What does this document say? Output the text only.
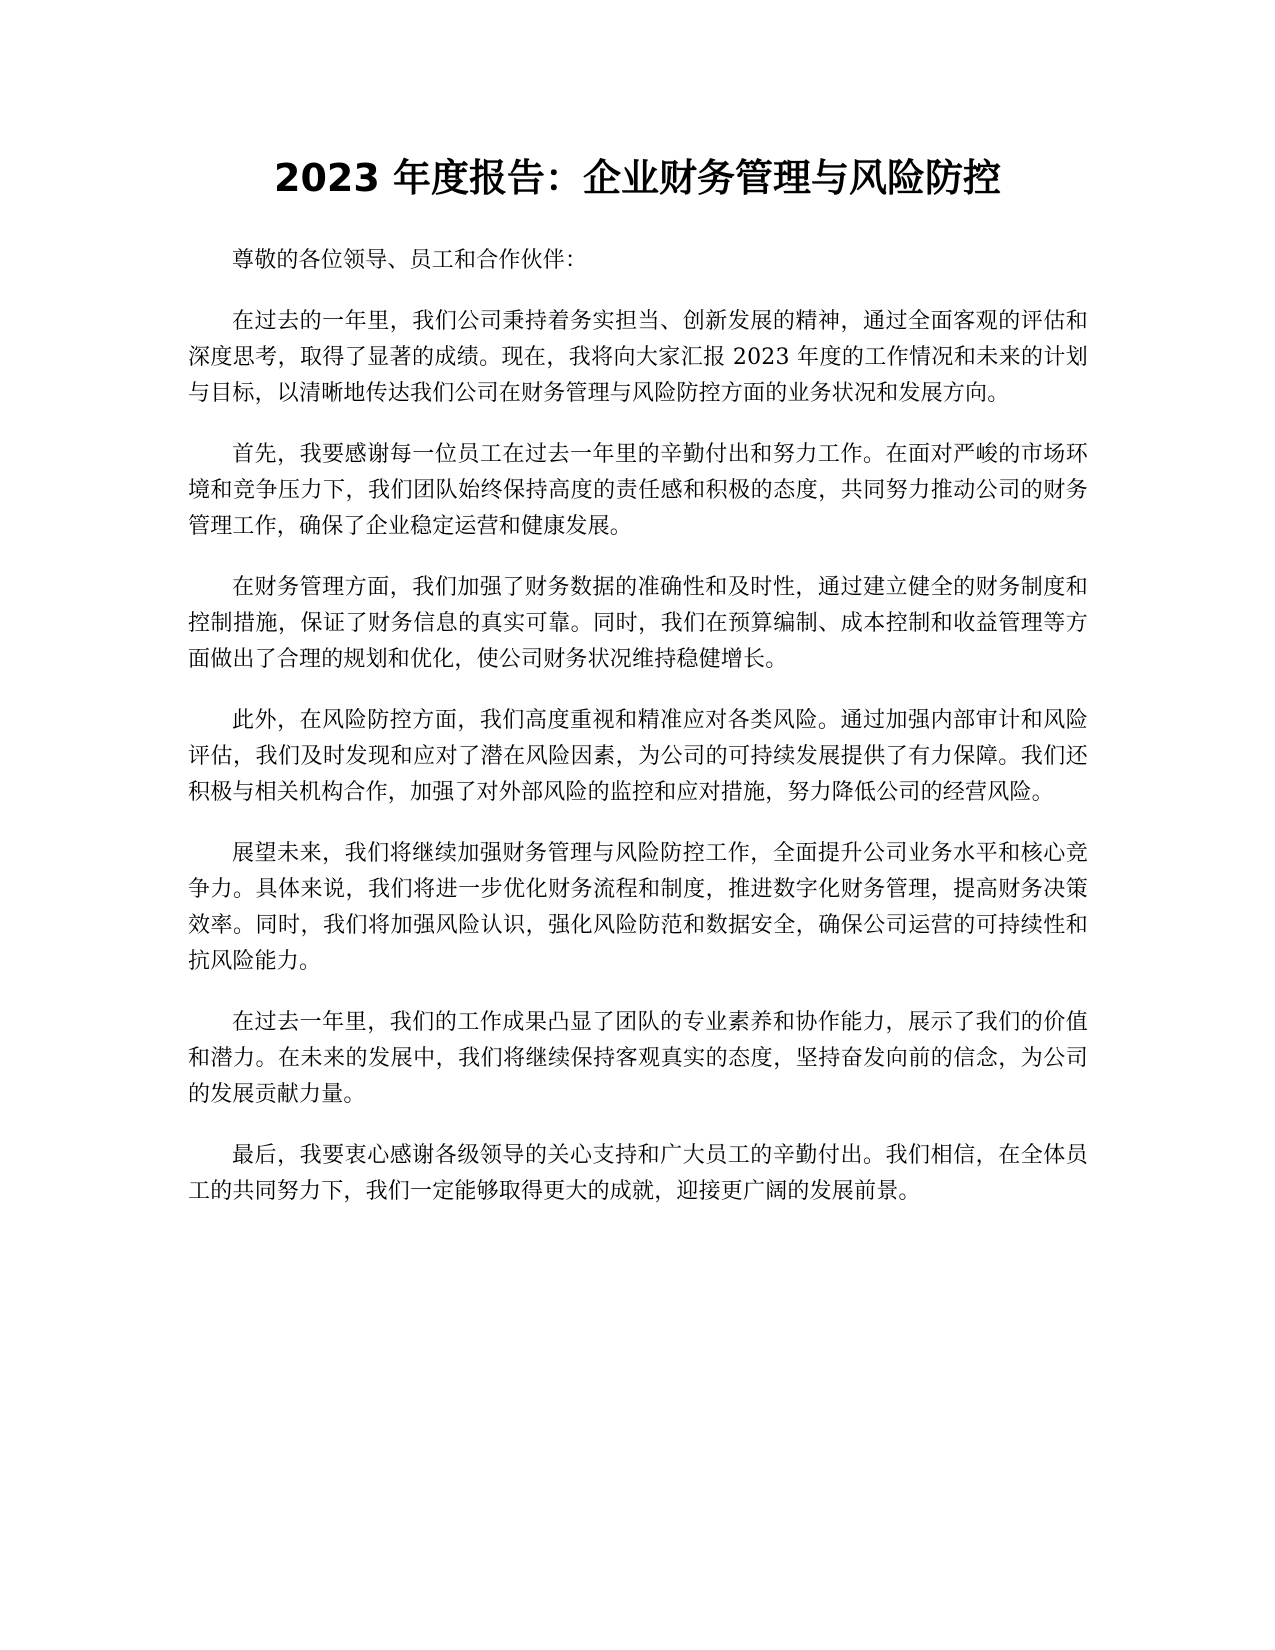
2023 年度报告：企业财务管理与风险防控

尊敬的各位领导、员工和合作伙伴：

在过去的一年里，我们公司秉持着务实担当、创新发展的精神，通过全面客观的评估和深度思考，取得了显著的成绩。现在，我将向大家汇报 2023 年度的工作情况和未来的计划与目标，以清晰地传达我们公司在财务管理与风险防控方面的业务状况和发展方向。

首先，我要感谢每一位员工在过去一年里的辛勤付出和努力工作。在面对严峻的市场环境和竞争压力下，我们团队始终保持高度的责任感和积极的态度，共同努力推动公司的财务管理工作，确保了企业稳定运营和健康发展。

在财务管理方面，我们加强了财务数据的准确性和及时性，通过建立健全的财务制度和控制措施，保证了财务信息的真实可靠。同时，我们在预算编制、成本控制和收益管理等方面做出了合理的规划和优化，使公司财务状况维持稳健增长。

此外，在风险防控方面，我们高度重视和精准应对各类风险。通过加强内部审计和风险评估，我们及时发现和应对了潜在风险因素，为公司的可持续发展提供了有力保障。我们还积极与相关机构合作，加强了对外部风险的监控和应对措施，努力降低公司的经营风险。

展望未来，我们将继续加强财务管理与风险防控工作，全面提升公司业务水平和核心竞争力。具体来说，我们将进一步优化财务流程和制度，推进数字化财务管理，提高财务决策效率。同时，我们将加强风险认识，强化风险防范和数据安全，确保公司运营的可持续性和抗风险能力。

在过去一年里，我们的工作成果凸显了团队的专业素养和协作能力，展示了我们的价值和潜力。在未来的发展中，我们将继续保持客观真实的态度，坚持奋发向前的信念，为公司的发展贡献力量。

最后，我要衷心感谢各级领导的关心支持和广大员工的辛勤付出。我们相信，在全体员工的共同努力下，我们一定能够取得更大的成就，迎接更广阔的发展前景。
